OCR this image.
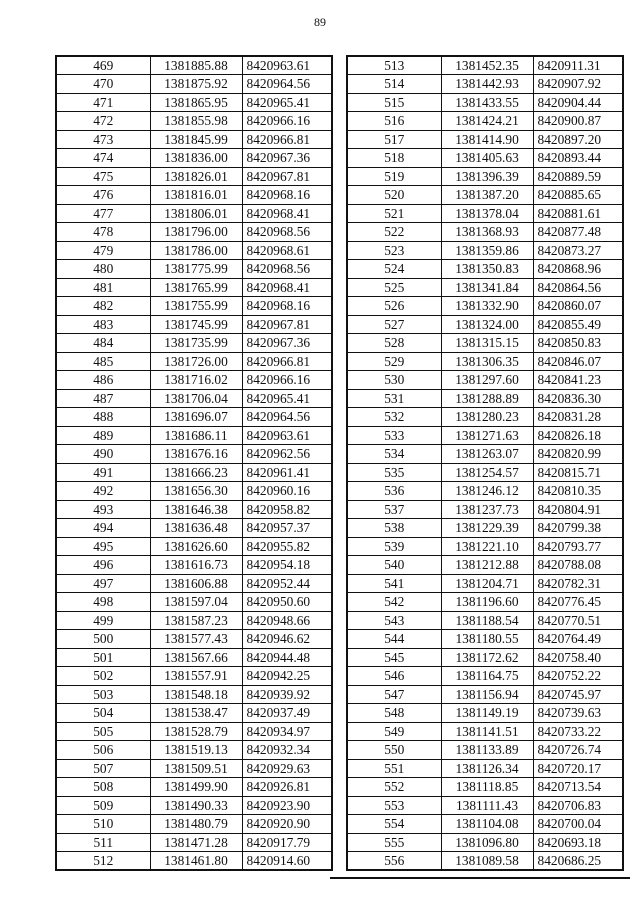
89
469	1381885.88	8420963.61
470	1381875.92	8420964.56
471	1381865.95	8420965.41
472	1381855.98	8420966.16
473	1381845.99	8420966.81
474	1381836.00	8420967.36
475	1381826.01	8420967.81
476	1381816.01	8420968.16
477	1381806.01	8420968.41
478	1381796.00	8420968.56
479	1381786.00	8420968.61
480	1381775.99	8420968.56
481	1381765.99	8420968.41
482	1381755.99	8420968.16
483	1381745.99	8420967.81
484	1381735.99	8420967.36
485	1381726.00	8420966.81
486	1381716.02	8420966.16
487	1381706.04	8420965.41
488	1381696.07	8420964.56
489	1381686.11	8420963.61
490	1381676.16	8420962.56
491	1381666.23	8420961.41
492	1381656.30	8420960.16
493	1381646.38	8420958.82
494	1381636.48	8420957.37
495	1381626.60	8420955.82
496	1381616.73	8420954.18
497	1381606.88	8420952.44
498	1381597.04	8420950.60
499	1381587.23	8420948.66
500	1381577.43	8420946.62
501	1381567.66	8420944.48
502	1381557.91	8420942.25
503	1381548.18	8420939.92
504	1381538.47	8420937.49
505	1381528.79	8420934.97
506	1381519.13	8420932.34
507	1381509.51	8420929.63
508	1381499.90	8420926.81
509	1381490.33	8420923.90
510	1381480.79	8420920.90
511	1381471.28	8420917.79
512	1381461.80	8420914.60
513	1381452.35	8420911.31
514	1381442.93	8420907.92
515	1381433.55	8420904.44
516	1381424.21	8420900.87
517	1381414.90	8420897.20
518	1381405.63	8420893.44
519	1381396.39	8420889.59
520	1381387.20	8420885.65
521	1381378.04	8420881.61
522	1381368.93	8420877.48
523	1381359.86	8420873.27
524	1381350.83	8420868.96
525	1381341.84	8420864.56
526	1381332.90	8420860.07
527	1381324.00	8420855.49
528	1381315.15	8420850.83
529	1381306.35	8420846.07
530	1381297.60	8420841.23
531	1381288.89	8420836.30
532	1381280.23	8420831.28
533	1381271.63	8420826.18
534	1381263.07	8420820.99
535	1381254.57	8420815.71
536	1381246.12	8420810.35
537	1381237.73	8420804.91
538	1381229.39	8420799.38
539	1381221.10	8420793.77
540	1381212.88	8420788.08
541	1381204.71	8420782.31
542	1381196.60	8420776.45
543	1381188.54	8420770.51
544	1381180.55	8420764.49
545	1381172.62	8420758.40
546	1381164.75	8420752.22
547	1381156.94	8420745.97
548	1381149.19	8420739.63
549	1381141.51	8420733.22
550	1381133.89	8420726.74
551	1381126.34	8420720.17
552	1381118.85	8420713.54
553	1381111.43	8420706.83
554	1381104.08	8420700.04
555	1381096.80	8420693.18
556	1381089.58	8420686.25
